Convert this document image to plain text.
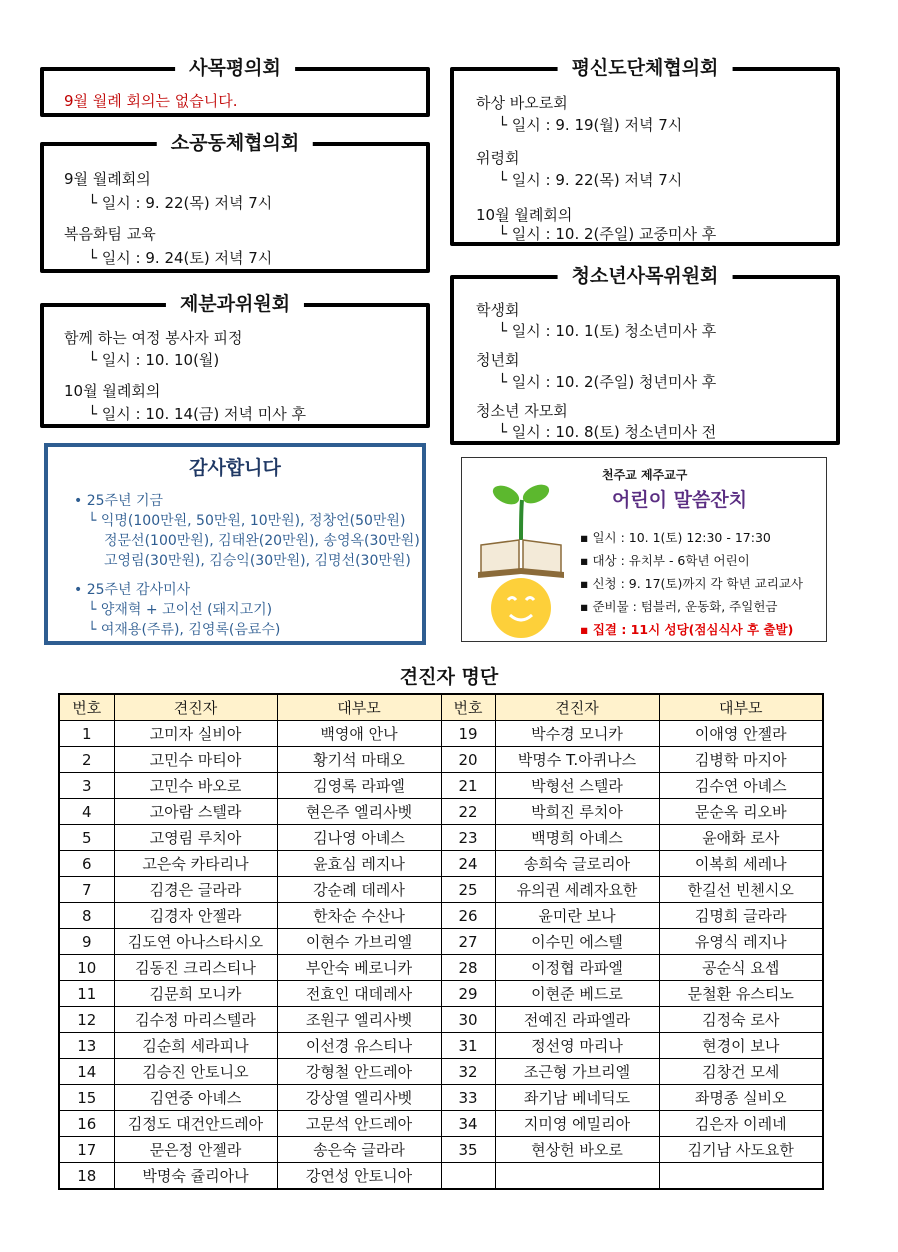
사목평의회
9월 월례 회의는 없습니다.
소공동체협의회
9월 월례회의
└ 일시 : 9. 22(목) 저녁 7시
복음화팀 교육
└ 일시 : 9. 24(토) 저녁 7시
제분과위원회
함께 하는 여정 봉사자 피정
└ 일시 : 10. 10(월)
10월 월례회의
└ 일시 : 10. 14(금) 저녁 미사 후
평신도단체협의회
하상 바오로회
└ 일시 : 9. 19(월) 저녁 7시
위령회
└ 일시 : 9. 22(목) 저녁 7시
10월 월례회의
└ 일시 : 10. 2(주일) 교중미사 후
청소년사목위원회
학생회
└ 일시 : 10. 1(토) 청소년미사 후
청년회
└ 일시 : 10. 2(주일) 청년미사 후
청소년 자모회
└ 일시 : 10. 8(토) 청소년미사 전
감사합니다
• 25주년 기금
└ 익명(100만원, 50만원, 10만원), 정창언(50만원)
정문선(100만원), 김태완(20만원), 송영옥(30만원)
고영림(30만원), 김승익(30만원), 김명선(30만원)
• 25주년 감사미사
└ 양재혁 + 고이선 (돼지고기)
└ 여재용(주류), 김영록(음료수)
천주교 제주교구
어린이 말씀잔치
▪ 일시 : 10. 1(토) 12:30 - 17:30
▪ 대상 : 유치부 - 6학년 어린이
▪ 신청 : 9. 17(토)까지 각 학년 교리교사
▪ 준비물 : 텀블러, 운동화, 주일헌금
▪ 집결 : 11시 성당(점심식사 후 출발)
견진자 명단
번호	견진자	대부모	번호	견진자	대부모
1	고미자 실비아	백영애 안나	19	박수경 모니카	이애영 안젤라
2	고민수 마티아	황기석 마태오	20	박명수 T.아퀴나스	김병학 마지아
3	고민수 바오로	김영록 라파엘	21	박형선 스텔라	김수연 아녜스
4	고아람 스텔라	현은주 엘리사벳	22	박희진 루치아	문순옥 리오바
5	고영림 루치아	김나영 아녜스	23	백명희 아녜스	윤애화 로사
6	고은숙 카타리나	윤효심 레지나	24	송희숙 글로리아	이복희 세레나
7	김경은 글라라	강순례 데레사	25	유의권 세례자요한	한길선 빈첸시오
8	김경자 안젤라	한차순 수산나	26	윤미란 보나	김명희 글라라
9	김도연 아나스타시오	이현수 가브리엘	27	이수민 에스텔	유영식 레지나
10	김동진 크리스티나	부안숙 베로니카	28	이정협 라파엘	공순식 요셉
11	김문희 모니카	전효인 대데레사	29	이현준 베드로	문철환 유스티노
12	김수정 마리스텔라	조원구 엘리사벳	30	전예진 라파엘라	김정숙 로사
13	김순희 세라피나	이선경 유스티나	31	정선영 마리나	현경이 보나
14	김승진 안토니오	강형철 안드레아	32	조근형 가브리엘	김창건 모세
15	김연중 아녜스	강상열 엘리사벳	33	좌기남 베네딕도	좌명종 실비오
16	김정도 대건안드레아	고문석 안드레아	34	지미영 에밀리아	김은자 이레네
17	문은정 안젤라	송은숙 글라라	35	현상헌 바오로	김기남 사도요한
18	박명숙 쥴리아나	강연성 안토니아			
